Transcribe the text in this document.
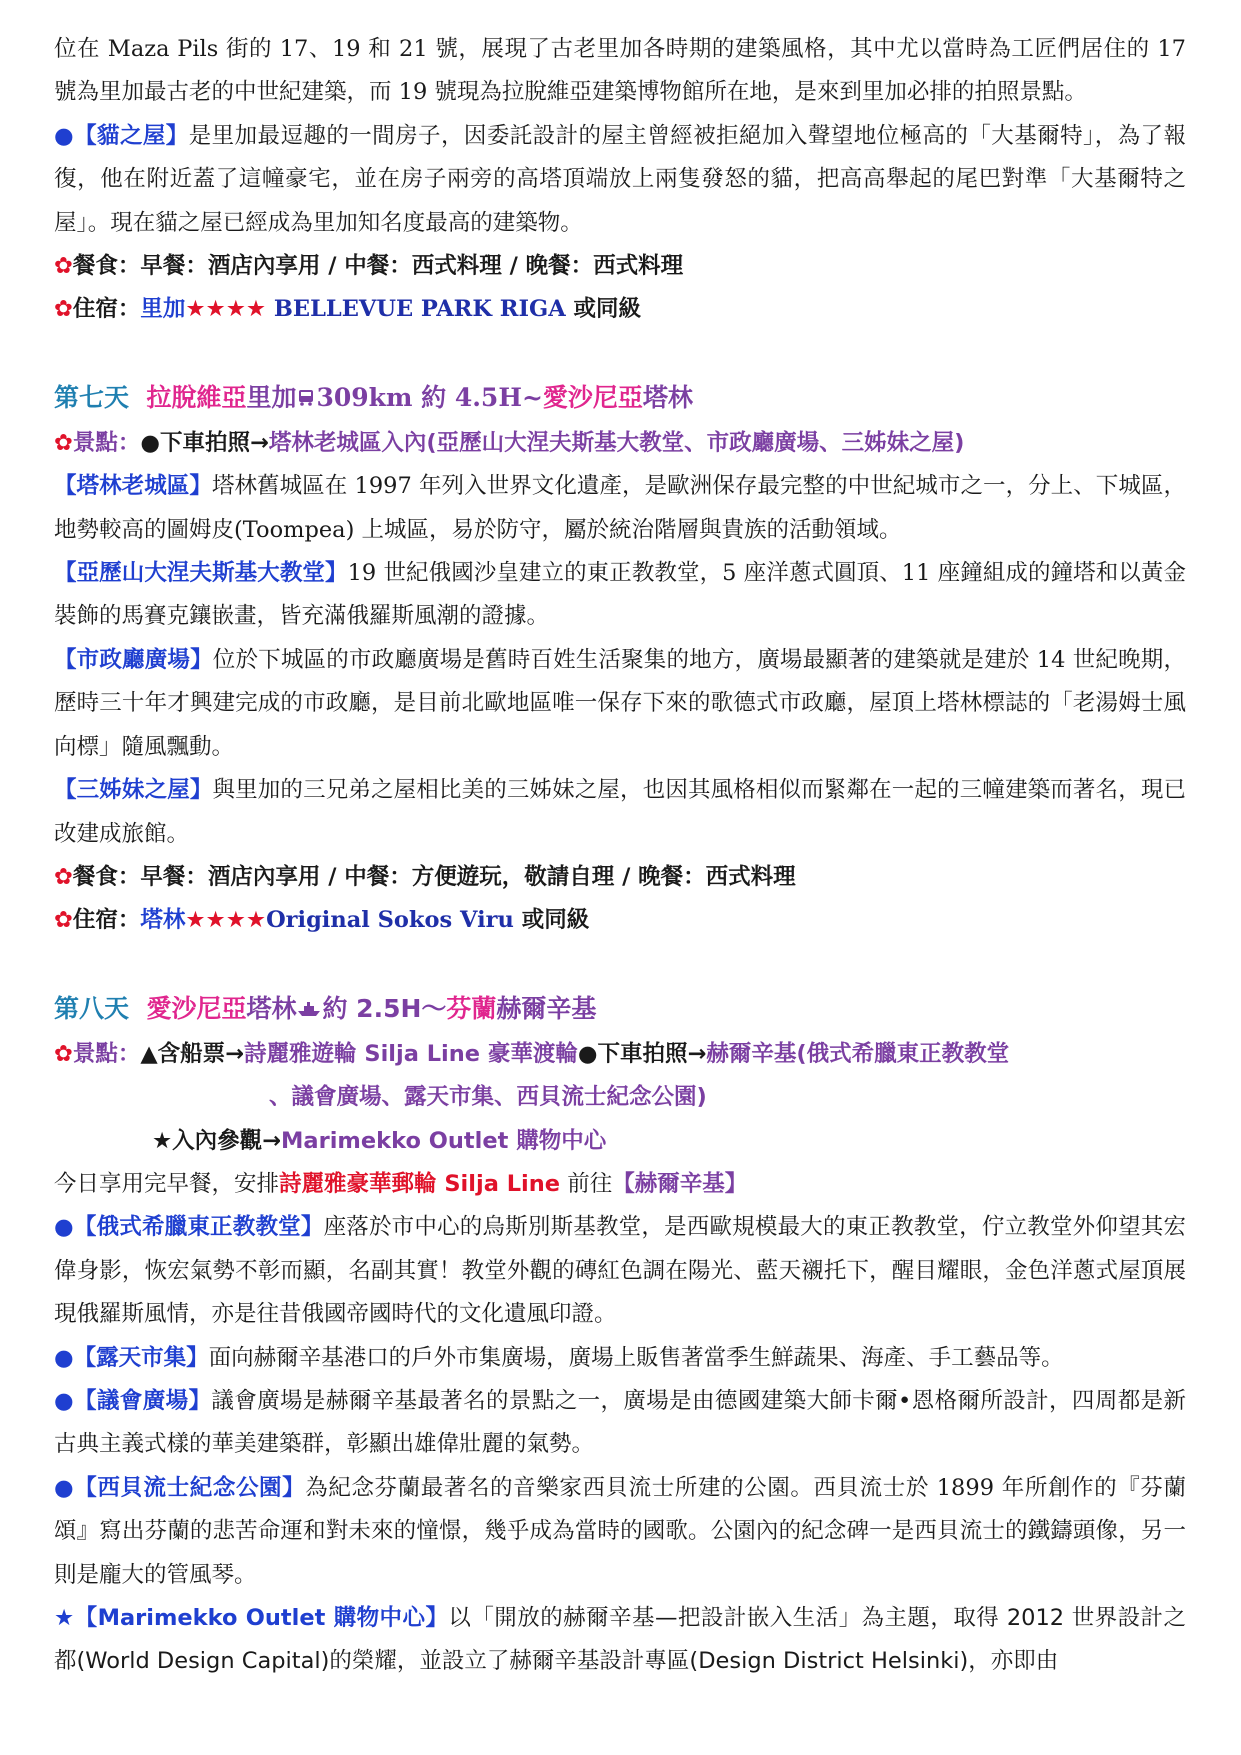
位在 Maza Pils 街的 17、19 和 21 號，展現了古老里加各時期的建築風格，其中尤以當時為工匠們居住的 17 號為里加最古老的中世紀建築，而 19 號現為拉脫維亞建築博物館所在地，是來到里加必排的拍照景點。

●【貓之屋】是里加最逗趣的一間房子，因委託設計的屋主曾經被拒絕加入聲望地位極高的「大基爾特」，為了報復，他在附近蓋了這幢豪宅，並在房子兩旁的高塔頂端放上兩隻發怒的貓，把高高舉起的尾巴對準「大基爾特之屋」。現在貓之屋已經成為里加知名度最高的建築物。

✿餐食：早餐：酒店內享用 / 中餐：西式料理 / 晚餐：西式料理

✿住宿：里加★★★★ BELLEVUE PARK RIGA 或同級

第七天 拉脫維亞里加 309km 約 4.5H~愛沙尼亞塔林

✿景點：●下車拍照→塔林老城區入內(亞歷山大涅夫斯基大教堂、市政廳廣場、三姊妹之屋)

【塔林老城區】塔林舊城區在 1997 年列入世界文化遺產，是歐洲保存最完整的中世紀城市之一，分上、下城區，地勢較高的圖姆皮(Toompea) 上城區，易於防守，屬於統治階層與貴族的活動領域。

【亞歷山大涅夫斯基大教堂】19 世紀俄國沙皇建立的東正教教堂，5 座洋蔥式圓頂、11 座鐘組成的鐘塔和以黃金裝飾的馬賽克鑲嵌畫，皆充滿俄羅斯風潮的證據。

【市政廳廣場】位於下城區的市政廳廣場是舊時百姓生活聚集的地方，廣場最顯著的建築就是建於 14 世紀晚期，歷時三十年才興建完成的市政廳，是目前北歐地區唯一保存下來的歌德式市政廳，屋頂上塔林標誌的「老湯姆士風向標」隨風飄動。

【三姊妹之屋】與里加的三兄弟之屋相比美的三姊妹之屋，也因其風格相似而緊鄰在一起的三幢建築而著名，現已改建成旅館。

✿餐食：早餐：酒店內享用 / 中餐：方便遊玩，敬請自理 / 晚餐：西式料理

✿住宿：塔林★★★★Original Sokos Viru 或同級

第八天 愛沙尼亞塔林 約 2.5H～芬蘭赫爾辛基

✿景點：▲含船票→詩麗雅遊輪 Silja Line 豪華渡輪●下車拍照→赫爾辛基(俄式希臘東正教教堂

、議會廣場、露天市集、西貝流士紀念公園)

★入內參觀→Marimekko Outlet 購物中心

今日享用完早餐，安排詩麗雅豪華郵輪 Silja Line 前往【赫爾辛基】

●【俄式希臘東正教教堂】座落於市中心的烏斯別斯基教堂，是西歐規模最大的東正教教堂，佇立教堂外仰望其宏偉身影，恢宏氣勢不彰而顯，名副其實！教堂外觀的磚紅色調在陽光、藍天襯托下，醒目耀眼，金色洋蔥式屋頂展現俄羅斯風情，亦是往昔俄國帝國時代的文化遺風印證。

●【露天市集】面向赫爾辛基港口的戶外市集廣場，廣場上販售著當季生鮮蔬果、海產、手工藝品等。

●【議會廣場】議會廣場是赫爾辛基最著名的景點之一，廣場是由德國建築大師卡爾•恩格爾所設計，四周都是新古典主義式樣的華美建築群，彰顯出雄偉壯麗的氣勢。

●【西貝流士紀念公園】為紀念芬蘭最著名的音樂家西貝流士所建的公園。西貝流士於 1899 年所創作的『芬蘭頌』寫出芬蘭的悲苦命運和對未來的憧憬，幾乎成為當時的國歌。公園內的紀念碑一是西貝流士的鐵鑄頭像，另一則是龐大的管風琴。

★【Marimekko Outlet 購物中心】以「開放的赫爾辛基—把設計嵌入生活」為主題，取得 2012 世界設計之都(World Design Capital)的榮耀，並設立了赫爾辛基設計專區(Design District Helsinki)，亦即由
